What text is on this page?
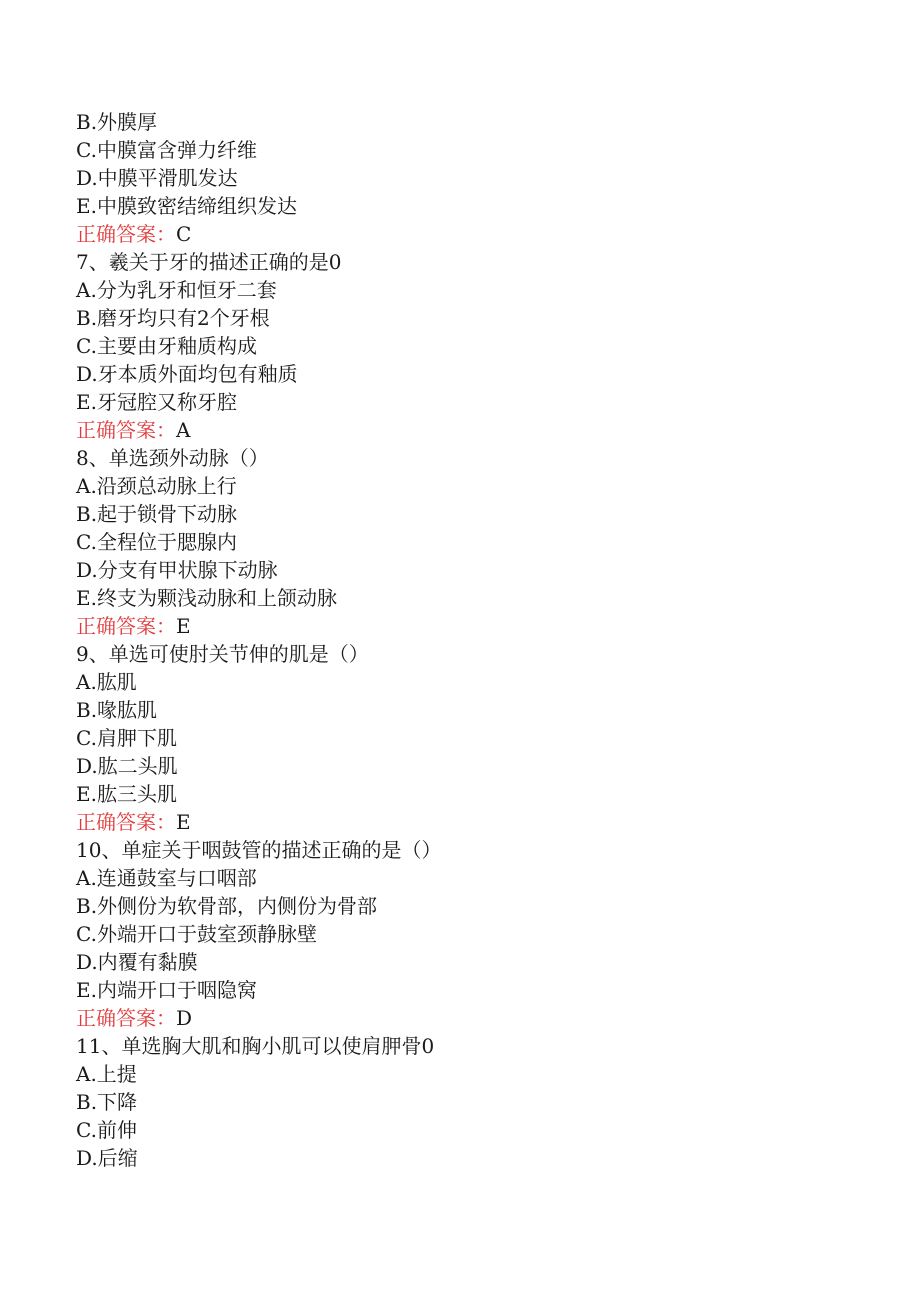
B.外膜厚
C.中膜富含弹力纤维
D.中膜平滑肌发达
E.中膜致密结缔组织发达
正确答案：C
7、羲关于牙的描述正确的是0
A.分为乳牙和恒牙二套
B.磨牙均只有2个牙根
C.主要由牙釉质构成
D.牙本质外面均包有釉质
E.牙冠腔又称牙腔
正确答案：A
8、单选颈外动脉（）
A.沿颈总动脉上行
B.起于锁骨下动脉
C.全程位于腮腺内
D.分支有甲状腺下动脉
E.终支为颗浅动脉和上颌动脉
正确答案：E
9、单选可使肘关节伸的肌是（）
A.肱肌
B.喙肱肌
C.肩胛下肌
D.肱二头肌
E.肱三头肌
正确答案：E
10、单症关于咽鼓管的描述正确的是（）
A.连通鼓室与口咽部
B.外侧份为软骨部，内侧份为骨部
C.外端开口于鼓室颈静脉壁
D.内覆有黏膜
E.内端开口于咽隐窝
正确答案：D
11、单选胸大肌和胸小肌可以使肩胛骨0
A.上提
B.下降
C.前伸
D.后缩
